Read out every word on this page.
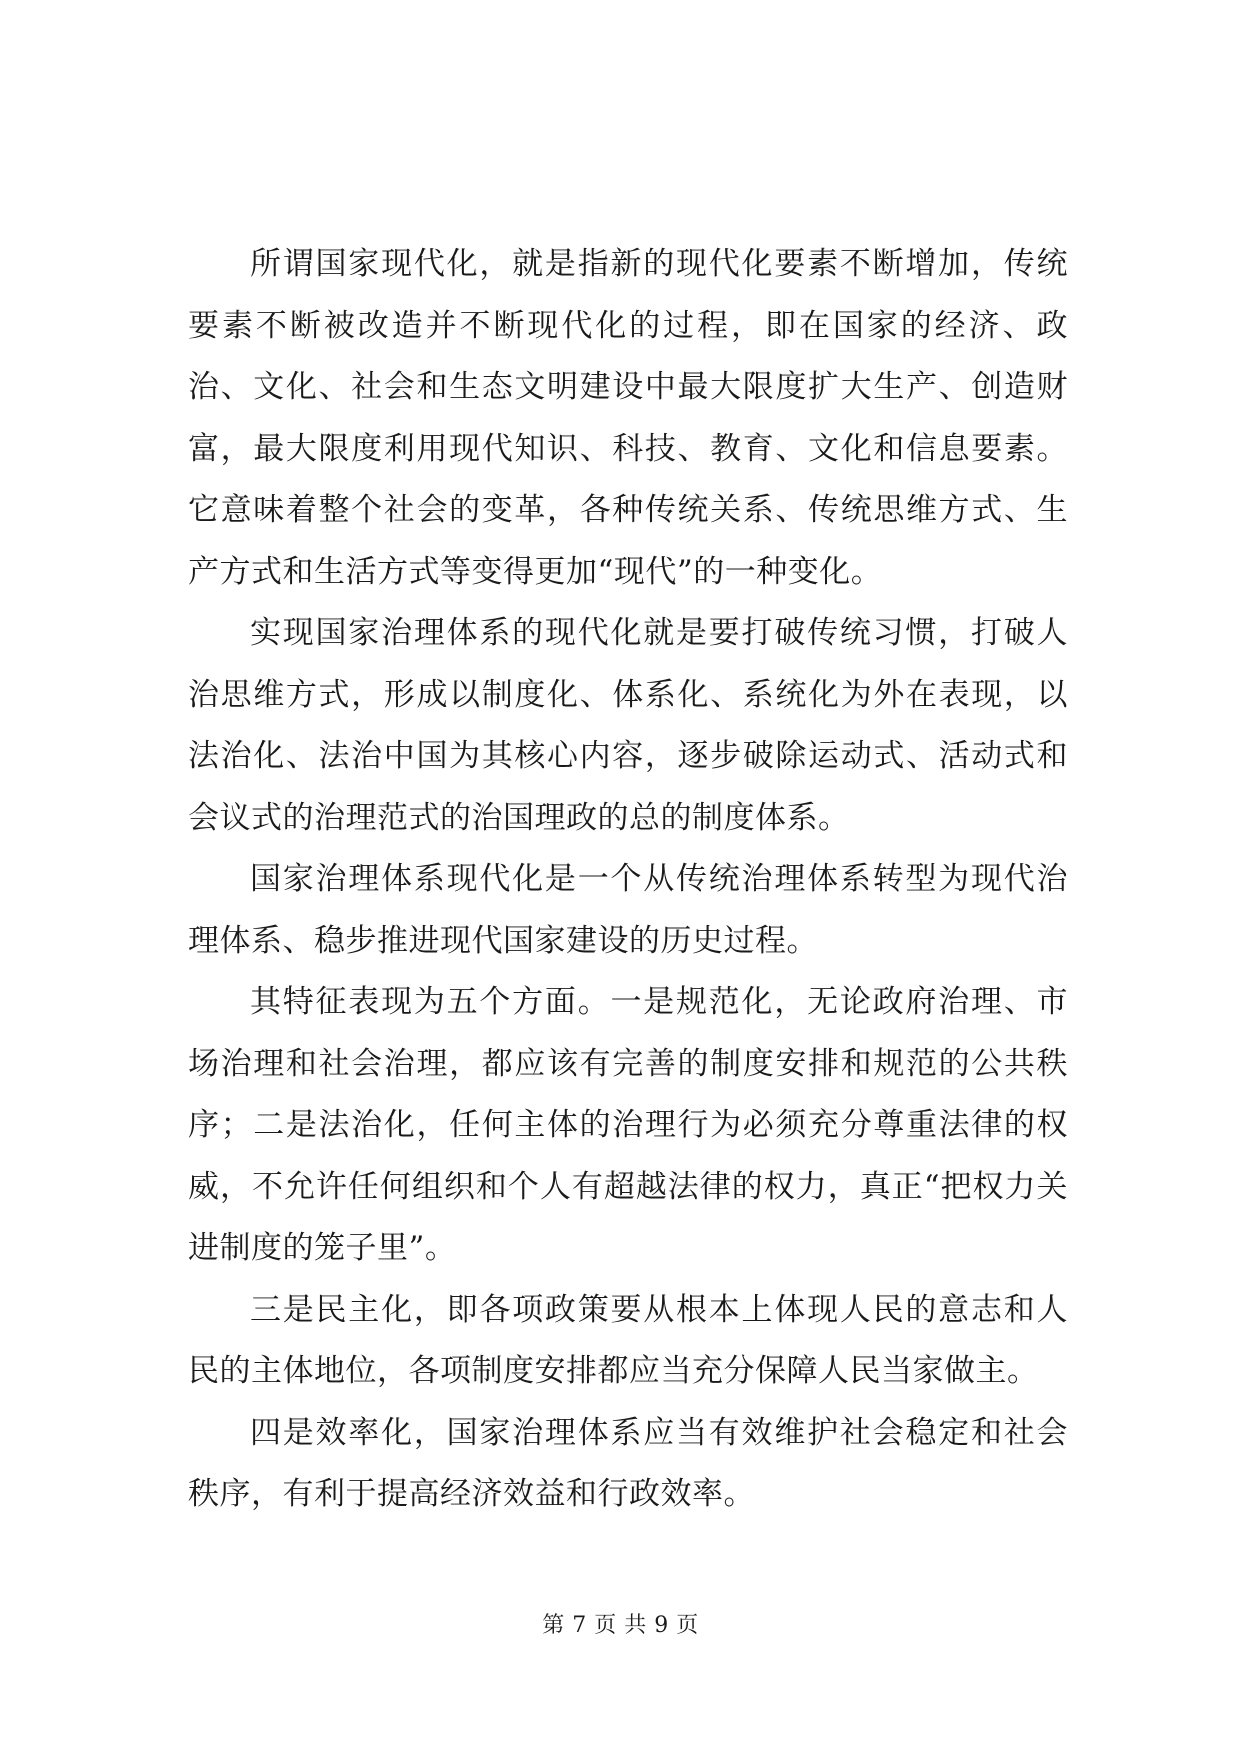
所谓国家现代化，就是指新的现代化要素不断增加，传统要素不断被改造并不断现代化的过程，即在国家的经济、政治、文化、社会和生态文明建设中最大限度扩大生产、创造财富，最大限度利用现代知识、科技、教育、文化和信息要素。它意味着整个社会的变革，各种传统关系、传统思维方式、生产方式和生活方式等变得更加“现代”的一种变化。

实现国家治理体系的现代化就是要打破传统习惯，打破人治思维方式，形成以制度化、体系化、系统化为外在表现，以法治化、法治中国为其核心内容，逐步破除运动式、活动式和会议式的治理范式的治国理政的总的制度体系。

国家治理体系现代化是一个从传统治理体系转型为现代治理体系、稳步推进现代国家建设的历史过程。

其特征表现为五个方面。一是规范化，无论政府治理、市场治理和社会治理，都应该有完善的制度安排和规范的公共秩序；二是法治化，任何主体的治理行为必须充分尊重法律的权威，不允许任何组织和个人有超越法律的权力，真正“把权力关进制度的笼子里”。

三是民主化，即各项政策要从根本上体现人民的意志和人民的主体地位，各项制度安排都应当充分保障人民当家做主。

四是效率化，国家治理体系应当有效维护社会稳定和社会秩序，有利于提高经济效益和行政效率。

第 7 页 共 9 页
